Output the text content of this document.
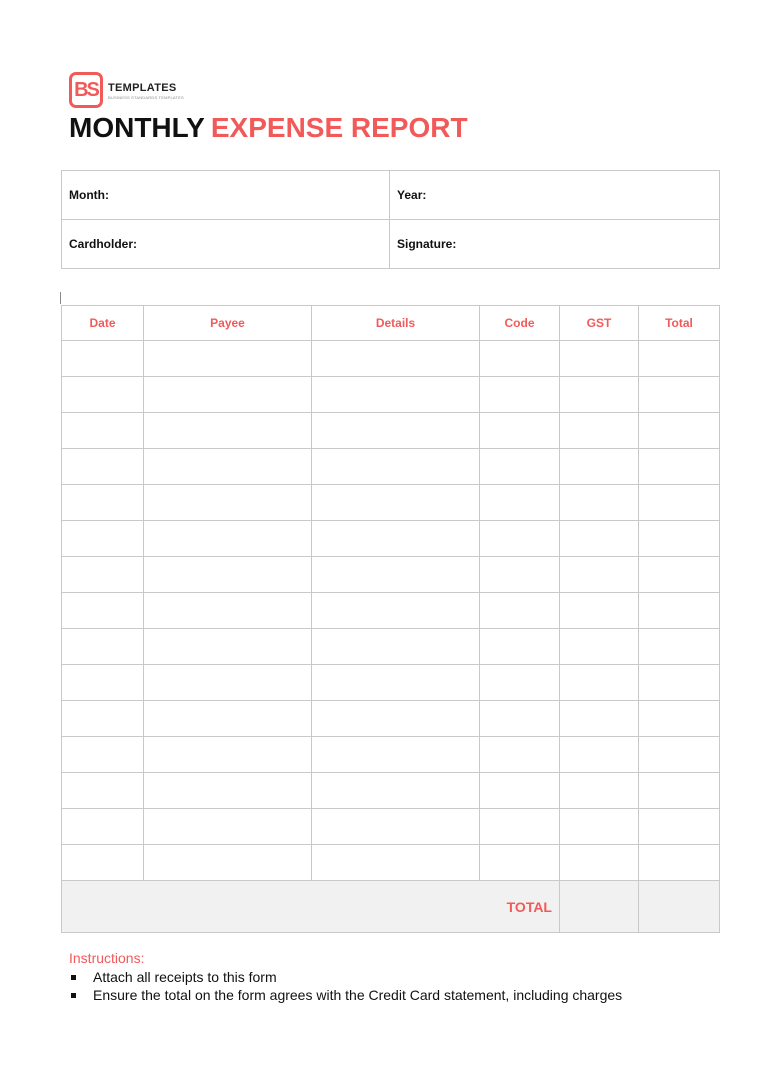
BS TEMPLATES
BUSINESS STANDARDS TEMPLATES
MONTHLY EXPENSE REPORT
Month:	Year:
Cardholder:	Signature:
Date	Payee	Details	Code	GST	Total

TOTAL					
Instructions:
Attach all receipts to this form
Ensure the total on the form agrees with the Credit Card statement, including charges
